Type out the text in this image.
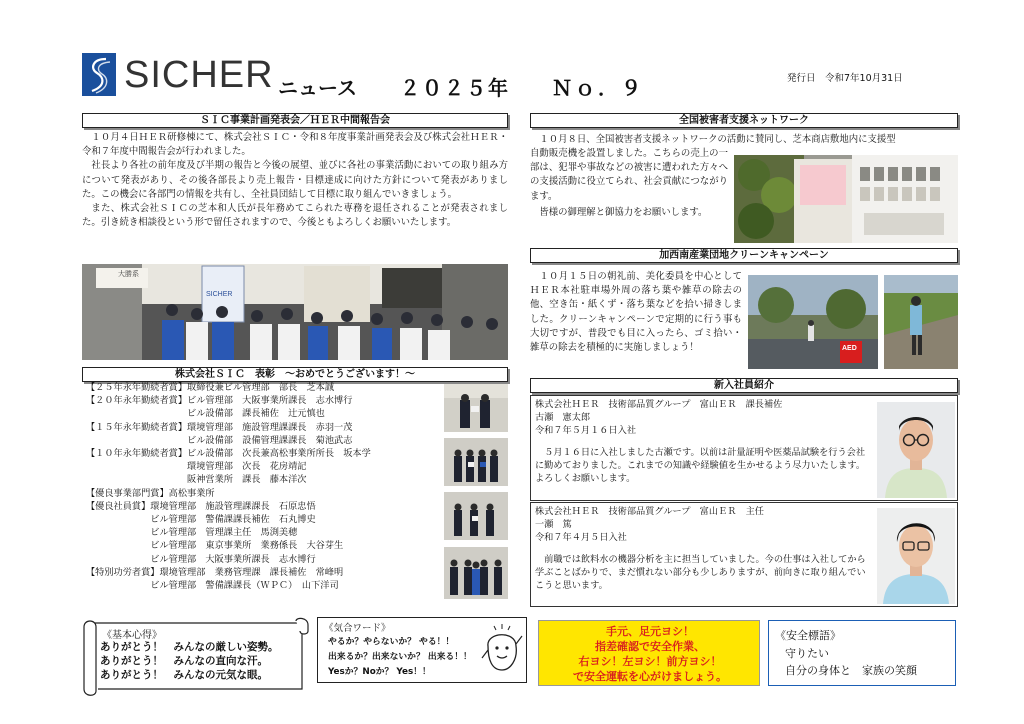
SICHER ニュース ２０２５年 Ｎｏ．９	発行日　令和7年10月31日
ＳＩＣ事業計画発表会／ＨＥＲ中間報告会

１０月４日ＨＥＲ研修棟にて、株式会社ＳＩＣ・令和８年度事業計画発表会及び株式会社ＨＥＲ・令和７年度中間報告会が行われました。

社長より各社の前年度及び半期の報告と今後の展望、並びに各社の事業活動においての取り組み方について発表があり、その後各部長より売上報告・目標達成に向けた方針について発表がありました。この機会に各部門の情報を共有し、全社員団結して目標に取り組んでいきましょう。

また、株式会社ＳＩＣの芝本和人氏が長年務めてこられた専務を退任されることが発表されました。引き続き相談役という形で留任されますので、今後ともよろしくお願いいたします。

SICHER
大勝系
株式会社ＳＩＣ　表彰　～おめでとうございます！～
【２５年永年勤続者賞】取締役兼ビル管理部　部長　芝本誠
【２０年永年勤続者賞】ビル管理部　大阪事業所課長　志水博行
　　　　　　　　　　　ビル設備部　課長補佐　辻元慎也
【１５年永年勤続者賞】環境管理部　施設管理課課長　赤羽一茂
　　　　　　　　　　　ビル設備部　設備管理課課長　菊池武志
【１０年永年勤続者賞】ビル設備部　次長兼高松事業所所長　坂本学
　　　　　　　　　　　環境管理部　次長　花房靖記
　　　　　　　　　　　阪神営業所　課長　藤本洋次
【優良事業部門賞】高松事業所
【優良社員賞】環境管理部　施設管理課課長　石原忠悟
　　　　　　　ビル管理部　警備課課長補佐　石丸博史
　　　　　　　ビル管理部　管理課主任　馬渕美穂
　　　　　　　ビル管理部　東京事業所　業務係長　大谷芽生
　　　　　　　ビル管理部　大阪事業所課長　志水博行
【特別功労者賞】環境管理部　業務管理課　課長補佐　常峰明
　　　　　　　ビル管理部　警備課課長（ＷＰＣ）　山下洋司
全国被害者支援ネットワーク
１０月８日、全国被害者支援ネットワークの活動に賛同し、芝本商店敷地内に支援型
自動販売機を設置しました。こちらの売上の一部は、犯罪や事故などの被害に遭われた方々への支援活動に役立てられ、社会貢献につながります。
皆様の御理解と御協力をお願いします。
加西南産業団地クリーンキャンペーン
１０月１５日の朝礼前、美化委員を中心としてＨＥＲ本社駐車場外周の落ち葉や雑草の除去の他、空き缶・紙くず・落ち葉などを拾い掃きしました。クリーンキャンペーンで定期的に行う事も大切ですが、普段でも目に入ったら、ゴミ拾い・雑草の除去を積極的に実施しましょう！	AED
新入社員紹介
株式会社ＨＥＲ　技術部品質グループ　富山ＥＲ　課長補佐
古瀬　憲太郎
令和７年５月１６日入社
５月１６日に入社しました古瀬です。以前は計量証明や医薬品試験を行う会社に勤めておりました。これまでの知識や経験値を生かせるよう尽力いたします。よろしくお願いします。
株式会社ＨＥＲ　技術部品質グループ　富山ＥＲ　主任
一瀬　篤
令和７年４月５日入社
前職では飲料水の機器分析を主に担当していました。今の仕事は入社してから学ぶことばかりで、まだ慣れない部分も少しありますが、前向きに取り組んでいこうと思います。
《基本心得》
ありがとう！　みんなの厳しい姿勢。
ありがとう！　みんなの直向な汗。
ありがとう！　みんなの元気な眼。
《気合ワード》
やるか？やらないか？ やる！！
出来るか？出来ないか？ 出来る！！
Yesか？Noか？ Yes！！
手元、足元ヨシ！
指差確認で安全作業、
右ヨシ！左ヨシ！前方ヨシ！
で安全運転を心がけましょう。
《安全標語》
守りたい
自分の身体と　家族の笑顔
